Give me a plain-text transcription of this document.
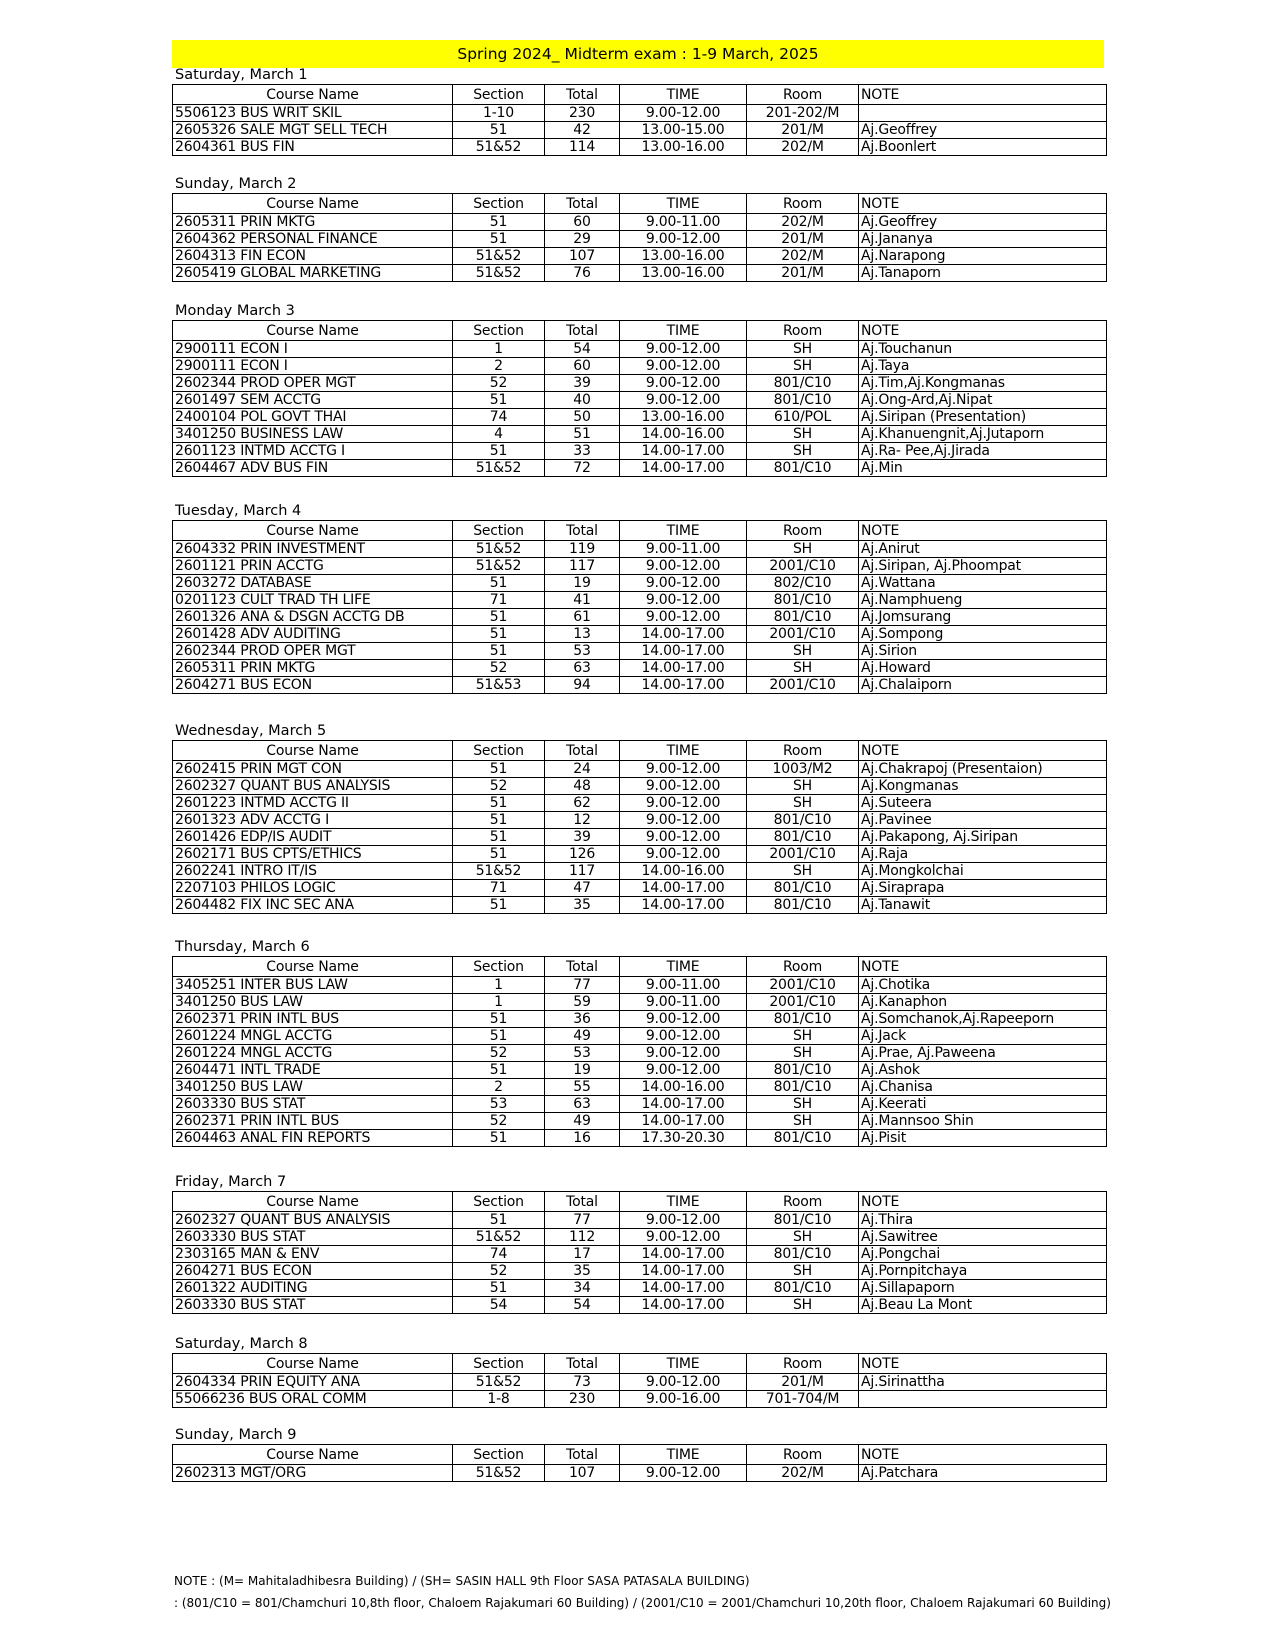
Spring 2024_ Midterm exam : 1-9 March, 2025
Saturday, March 1
Course Name	Section	Total	TIME	Room	NOTE
5506123 BUS WRIT SKIL	1-10	230	9.00-12.00	201-202/M	
2605326 SALE MGT SELL TECH	51	42	13.00-15.00	201/M	Aj.Geoffrey
2604361 BUS FIN	51&52	114	13.00-16.00	202/M	Aj.Boonlert
Sunday, March 2
Course Name	Section	Total	TIME	Room	NOTE
2605311 PRIN MKTG	51	60	9.00-11.00	202/M	Aj.Geoffrey
2604362 PERSONAL FINANCE	51	29	9.00-12.00	201/M	Aj.Jananya
2604313 FIN ECON	51&52	107	13.00-16.00	202/M	Aj.Narapong
2605419 GLOBAL MARKETING	51&52	76	13.00-16.00	201/M	Aj.Tanaporn
Monday March 3
Course Name	Section	Total	TIME	Room	NOTE
2900111 ECON I	1	54	9.00-12.00	SH	Aj.Touchanun
2900111 ECON I	2	60	9.00-12.00	SH	Aj.Taya
2602344 PROD OPER MGT	52	39	9.00-12.00	801/C10	Aj.Tim,Aj.Kongmanas
2601497 SEM ACCTG	51	40	9.00-12.00	801/C10	Aj.Ong-Ard,Aj.Nipat
2400104 POL GOVT THAI	74	50	13.00-16.00	610/POL	Aj.Siripan (Presentation)
3401250 BUSINESS LAW	4	51	14.00-16.00	SH	Aj.Khanuengnit,Aj.Jutaporn
2601123 INTMD ACCTG I	51	33	14.00-17.00	SH	Aj.Ra- Pee,Aj.Jirada
2604467 ADV BUS FIN	51&52	72	14.00-17.00	801/C10	Aj.Min
Tuesday, March 4
Course Name	Section	Total	TIME	Room	NOTE
2604332 PRIN INVESTMENT	51&52	119	9.00-11.00	SH	Aj.Anirut
2601121 PRIN ACCTG	51&52	117	9.00-12.00	2001/C10	Aj.Siripan, Aj.Phoompat
2603272 DATABASE	51	19	9.00-12.00	802/C10	Aj.Wattana
0201123 CULT TRAD TH LIFE	71	41	9.00-12.00	801/C10	Aj.Namphueng
2601326 ANA & DSGN ACCTG DB	51	61	9.00-12.00	801/C10	Aj.Jomsurang
2601428 ADV AUDITING	51	13	14.00-17.00	2001/C10	Aj.Sompong
2602344 PROD OPER MGT	51	53	14.00-17.00	SH	Aj.Sirion
2605311 PRIN MKTG	52	63	14.00-17.00	SH	Aj.Howard
2604271 BUS ECON	51&53	94	14.00-17.00	2001/C10	Aj.Chalaiporn
Wednesday, March 5
Course Name	Section	Total	TIME	Room	NOTE
2602415 PRIN MGT CON	51	24	9.00-12.00	1003/M2	Aj.Chakrapoj (Presentaion)
2602327 QUANT BUS ANALYSIS	52	48	9.00-12.00	SH	Aj.Kongmanas
2601223 INTMD ACCTG II	51	62	9.00-12.00	SH	Aj.Suteera
2601323 ADV ACCTG I	51	12	9.00-12.00	801/C10	Aj.Pavinee
2601426 EDP/IS AUDIT	51	39	9.00-12.00	801/C10	Aj.Pakapong, Aj.Siripan
2602171 BUS CPTS/ETHICS	51	126	9.00-12.00	2001/C10	Aj.Raja
2602241 INTRO IT/IS	51&52	117	14.00-16.00	SH	Aj.Mongkolchai
2207103 PHILOS LOGIC	71	47	14.00-17.00	801/C10	Aj.Siraprapa
2604482 FIX INC SEC ANA	51	35	14.00-17.00	801/C10	Aj.Tanawit
Thursday, March 6
Course Name	Section	Total	TIME	Room	NOTE
3405251 INTER BUS LAW	1	77	9.00-11.00	2001/C10	Aj.Chotika
3401250 BUS LAW	1	59	9.00-11.00	2001/C10	Aj.Kanaphon
2602371 PRIN INTL BUS	51	36	9.00-12.00	801/C10	Aj.Somchanok,Aj.Rapeeporn
2601224 MNGL ACCTG	51	49	9.00-12.00	SH	Aj.Jack
2601224 MNGL ACCTG	52	53	9.00-12.00	SH	Aj.Prae, Aj.Paweena
2604471 INTL TRADE	51	19	9.00-12.00	801/C10	Aj.Ashok
3401250 BUS LAW	2	55	14.00-16.00	801/C10	Aj.Chanisa
2603330 BUS STAT	53	63	14.00-17.00	SH	Aj.Keerati
2602371 PRIN INTL BUS	52	49	14.00-17.00	SH	Aj.Mannsoo Shin
2604463 ANAL FIN REPORTS	51	16	17.30-20.30	801/C10	Aj.Pisit
Friday, March 7
Course Name	Section	Total	TIME	Room	NOTE
2602327 QUANT BUS ANALYSIS	51	77	9.00-12.00	801/C10	Aj.Thira
2603330 BUS STAT	51&52	112	9.00-12.00	SH	Aj.Sawitree
2303165 MAN & ENV	74	17	14.00-17.00	801/C10	Aj.Pongchai
2604271 BUS ECON	52	35	14.00-17.00	SH	Aj.Pornpitchaya
2601322 AUDITING	51	34	14.00-17.00	801/C10	Aj.Sillapaporn
2603330 BUS STAT	54	54	14.00-17.00	SH	Aj.Beau La Mont
Saturday, March 8
Course Name	Section	Total	TIME	Room	NOTE
2604334 PRIN EQUITY ANA	51&52	73	9.00-12.00	201/M	Aj.Sirinattha
55066236 BUS ORAL COMM	1-8	230	9.00-16.00	701-704/M	
Sunday, March 9
Course Name	Section	Total	TIME	Room	NOTE
2602313 MGT/ORG	51&52	107	9.00-12.00	202/M	Aj.Patchara
NOTE : (M= Mahitaladhibesra Building) / (SH= SASIN HALL 9th Floor SASA PATASALA BUILDING)
: (801/C10 = 801/Chamchuri 10,8th floor, Chaloem Rajakumari 60 Building) / (2001/C10 = 2001/Chamchuri 10,20th floor, Chaloem Rajakumari 60 Building)
